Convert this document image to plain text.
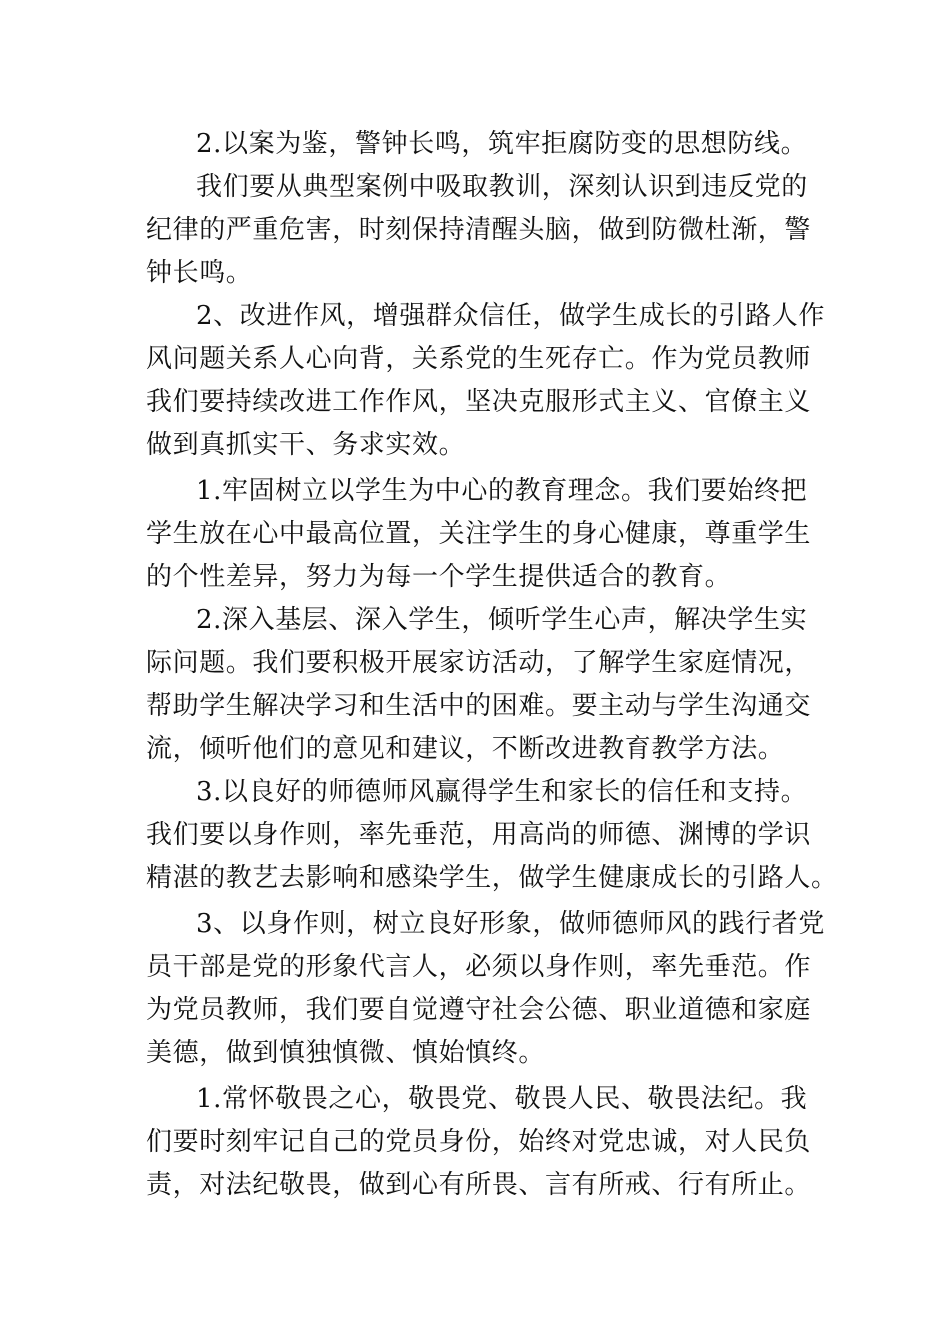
2.以案为鉴，警钟长鸣，筑牢拒腐防变的思想防线。
我们要从典型案例中吸取教训，深刻认识到违反党的
纪律的严重危害，时刻保持清醒头脑，做到防微杜渐，警
钟长鸣。
2、改进作风，增强群众信任，做学生成长的引路人作
风问题关系人心向背，关系党的生死存亡。作为党员教师
我们要持续改进工作作风，坚决克服形式主义、官僚主义
做到真抓实干、务求实效。
1.牢固树立以学生为中心的教育理念。我们要始终把
学生放在心中最高位置，关注学生的身心健康，尊重学生
的个性差异，努力为每一个学生提供适合的教育。
2.深入基层、深入学生，倾听学生心声，解决学生实
际问题。我们要积极开展家访活动，了解学生家庭情况，
帮助学生解决学习和生活中的困难。要主动与学生沟通交
流，倾听他们的意见和建议，不断改进教育教学方法。
3.以良好的师德师风赢得学生和家长的信任和支持。
我们要以身作则，率先垂范，用高尚的师德、渊博的学识
精湛的教艺去影响和感染学生，做学生健康成长的引路人。
3、以身作则，树立良好形象，做师德师风的践行者党
员干部是党的形象代言人，必须以身作则，率先垂范。作
为党员教师，我们要自觉遵守社会公德、职业道德和家庭
美德，做到慎独慎微、慎始慎终。
1.常怀敬畏之心，敬畏党、敬畏人民、敬畏法纪。我
们要时刻牢记自己的党员身份，始终对党忠诚，对人民负
责，对法纪敬畏，做到心有所畏、言有所戒、行有所止。
